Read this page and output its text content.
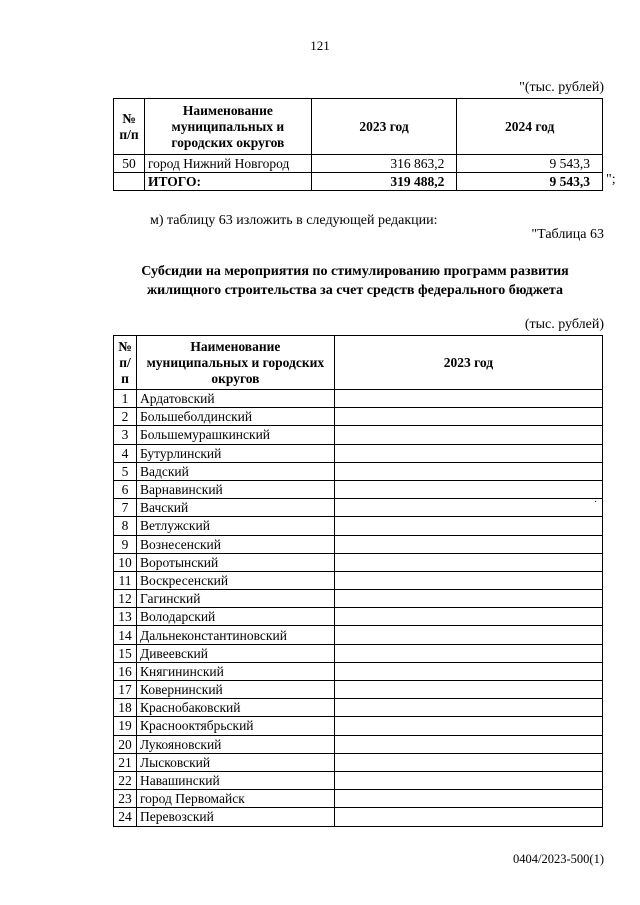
121
"(тыс. рублей)
№ п/п	Наименование муниципальных и городских округов	2023 год	2024 год
50	город Нижний Новгород	316 863,2	9 543,3
	ИТОГО:	319 488,2	9 543,3 ";
м) таблицу 63 изложить в следующей редакции:
"Таблица 63
Субсидии на мероприятия по стимулированию программ развития
жилищного строительства за счет средств федерального бюджета
(тыс. рублей)
№ п/п	Наименование муниципальных и городских округов	2023 год
1	Ардатовский	
2	Большеболдинский	
3	Большемурашкинский	
4	Бутурлинский	
5	Вадский	
6	Варнавинский	
7	Вачский	
8	Ветлужский	
9	Вознесенский	
10	Воротынский	
11	Воскресенский	
12	Гагинский	
13	Володарский	
14	Дальнеконстантиновский	
15	Дивеевский	
16	Княгининский	
17	Ковернинский	
18	Краснобаковский	
19	Краснооктябрьский	
20	Лукояновский	
21	Лысковский	
22	Навашинский	
23	город Первомайск	
24	Перевозский	
·
0404/2023-500(1)
